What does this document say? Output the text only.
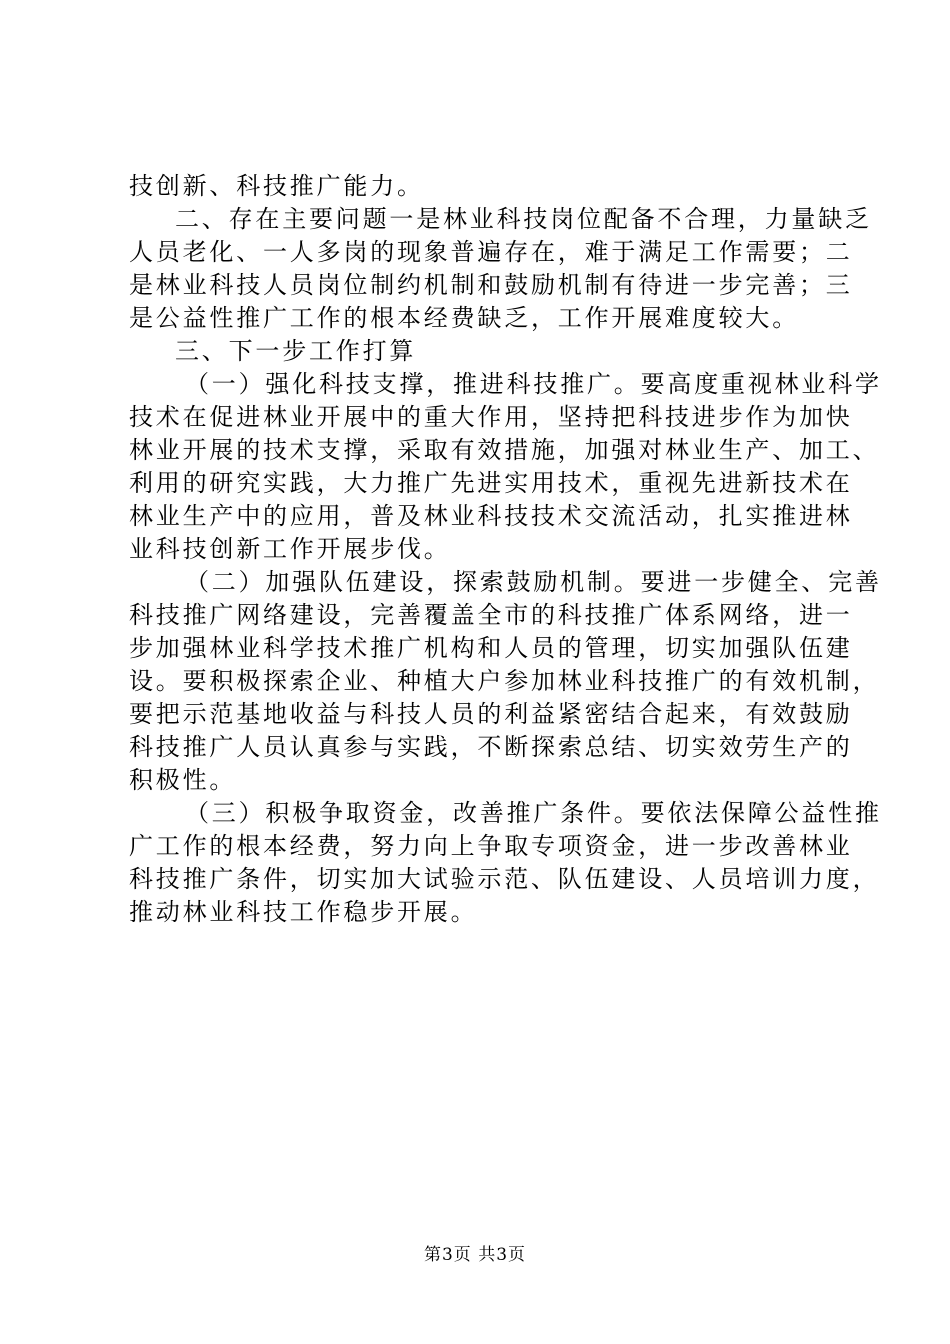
技创新、科技推广能力。
二、存在主要问题一是林业科技岗位配备不合理，力量缺乏
人员老化、一人多岗的现象普遍存在，难于满足工作需要；二
是林业科技人员岗位制约机制和鼓励机制有待进一步完善；三
是公益性推广工作的根本经费缺乏，工作开展难度较大。
三、下一步工作打算
（一）强化科技支撑，推进科技推广。要高度重视林业科学
技术在促进林业开展中的重大作用，坚持把科技进步作为加快
林业开展的技术支撑，采取有效措施，加强对林业生产、加工、
利用的研究实践，大力推广先进实用技术，重视先进新技术在
林业生产中的应用，普及林业科技技术交流活动，扎实推进林
业科技创新工作开展步伐。
（二）加强队伍建设，探索鼓励机制。要进一步健全、完善
科技推广网络建设，完善覆盖全市的科技推广体系网络，进一
步加强林业科学技术推广机构和人员的管理，切实加强队伍建
设。要积极探索企业、种植大户参加林业科技推广的有效机制，
要把示范基地收益与科技人员的利益紧密结合起来，有效鼓励
科技推广人员认真参与实践，不断探索总结、切实效劳生产的
积极性。
（三）积极争取资金，改善推广条件。要依法保障公益性推
广工作的根本经费，努力向上争取专项资金，进一步改善林业
科技推广条件，切实加大试验示范、队伍建设、人员培训力度，
推动林业科技工作稳步开展。
第3页 共3页
